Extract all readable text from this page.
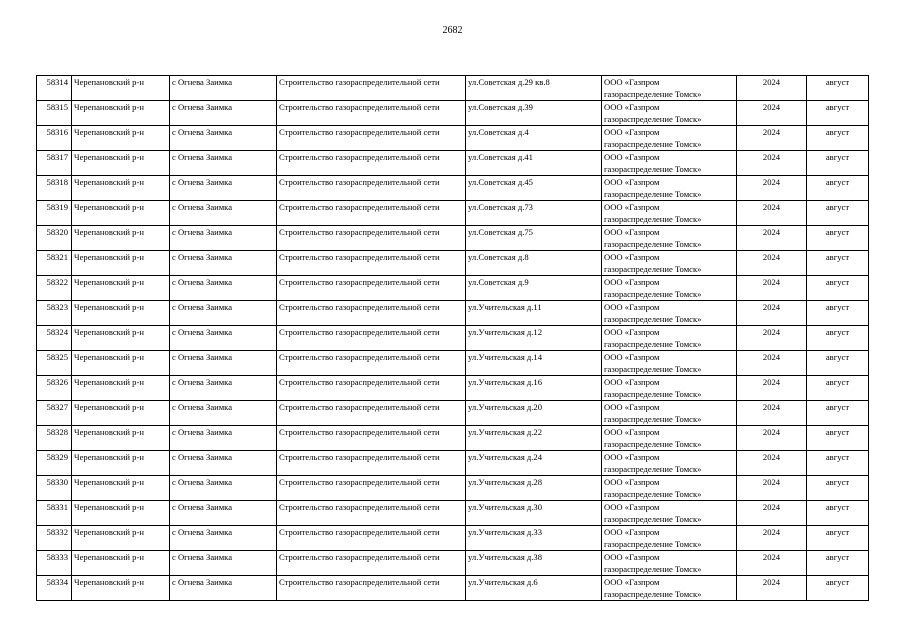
2682
58314	Черепановский р-н	с Огнева Заимка	Строительство газораспределительной сети	ул.Советская д.29 кв.8	ООО «Газпром
газораспределение Томск»	2024	август
58315	Черепановский р-н	с Огнева Заимка	Строительство газораспределительной сети	ул.Советская д.39	ООО «Газпром
газораспределение Томск»	2024	август
58316	Черепановский р-н	с Огнева Заимка	Строительство газораспределительной сети	ул.Советская д.4	ООО «Газпром
газораспределение Томск»	2024	август
58317	Черепановский р-н	с Огнева Заимка	Строительство газораспределительной сети	ул.Советская д.41	ООО «Газпром
газораспределение Томск»	2024	август
58318	Черепановский р-н	с Огнева Заимка	Строительство газораспределительной сети	ул.Советская д.45	ООО «Газпром
газораспределение Томск»	2024	август
58319	Черепановский р-н	с Огнева Заимка	Строительство газораспределительной сети	ул.Советская д.73	ООО «Газпром
газораспределение Томск»	2024	август
58320	Черепановский р-н	с Огнева Заимка	Строительство газораспределительной сети	ул.Советская д.75	ООО «Газпром
газораспределение Томск»	2024	август
58321	Черепановский р-н	с Огнева Заимка	Строительство газораспределительной сети	ул.Советская д.8	ООО «Газпром
газораспределение Томск»	2024	август
58322	Черепановский р-н	с Огнева Заимка	Строительство газораспределительной сети	ул.Советская д.9	ООО «Газпром
газораспределение Томск»	2024	август
58323	Черепановский р-н	с Огнева Заимка	Строительство газораспределительной сети	ул.Учительская д.11	ООО «Газпром
газораспределение Томск»	2024	август
58324	Черепановский р-н	с Огнева Заимка	Строительство газораспределительной сети	ул.Учительская д.12	ООО «Газпром
газораспределение Томск»	2024	август
58325	Черепановский р-н	с Огнева Заимка	Строительство газораспределительной сети	ул.Учительская д.14	ООО «Газпром
газораспределение Томск»	2024	август
58326	Черепановский р-н	с Огнева Заимка	Строительство газораспределительной сети	ул.Учительская д.16	ООО «Газпром
газораспределение Томск»	2024	август
58327	Черепановский р-н	с Огнева Заимка	Строительство газораспределительной сети	ул.Учительская д.20	ООО «Газпром
газораспределение Томск»	2024	август
58328	Черепановский р-н	с Огнева Заимка	Строительство газораспределительной сети	ул.Учительская д.22	ООО «Газпром
газораспределение Томск»	2024	август
58329	Черепановский р-н	с Огнева Заимка	Строительство газораспределительной сети	ул.Учительская д.24	ООО «Газпром
газораспределение Томск»	2024	август
58330	Черепановский р-н	с Огнева Заимка	Строительство газораспределительной сети	ул.Учительская д.28	ООО «Газпром
газораспределение Томск»	2024	август
58331	Черепановский р-н	с Огнева Заимка	Строительство газораспределительной сети	ул.Учительская д.30	ООО «Газпром
газораспределение Томск»	2024	август
58332	Черепановский р-н	с Огнева Заимка	Строительство газораспределительной сети	ул.Учительская д.33	ООО «Газпром
газораспределение Томск»	2024	август
58333	Черепановский р-н	с Огнева Заимка	Строительство газораспределительной сети	ул.Учительская д.38	ООО «Газпром
газораспределение Томск»	2024	август
58334	Черепановский р-н	с Огнева Заимка	Строительство газораспределительной сети	ул.Учительская д.6	ООО «Газпром
газораспределение Томск»	2024	август
